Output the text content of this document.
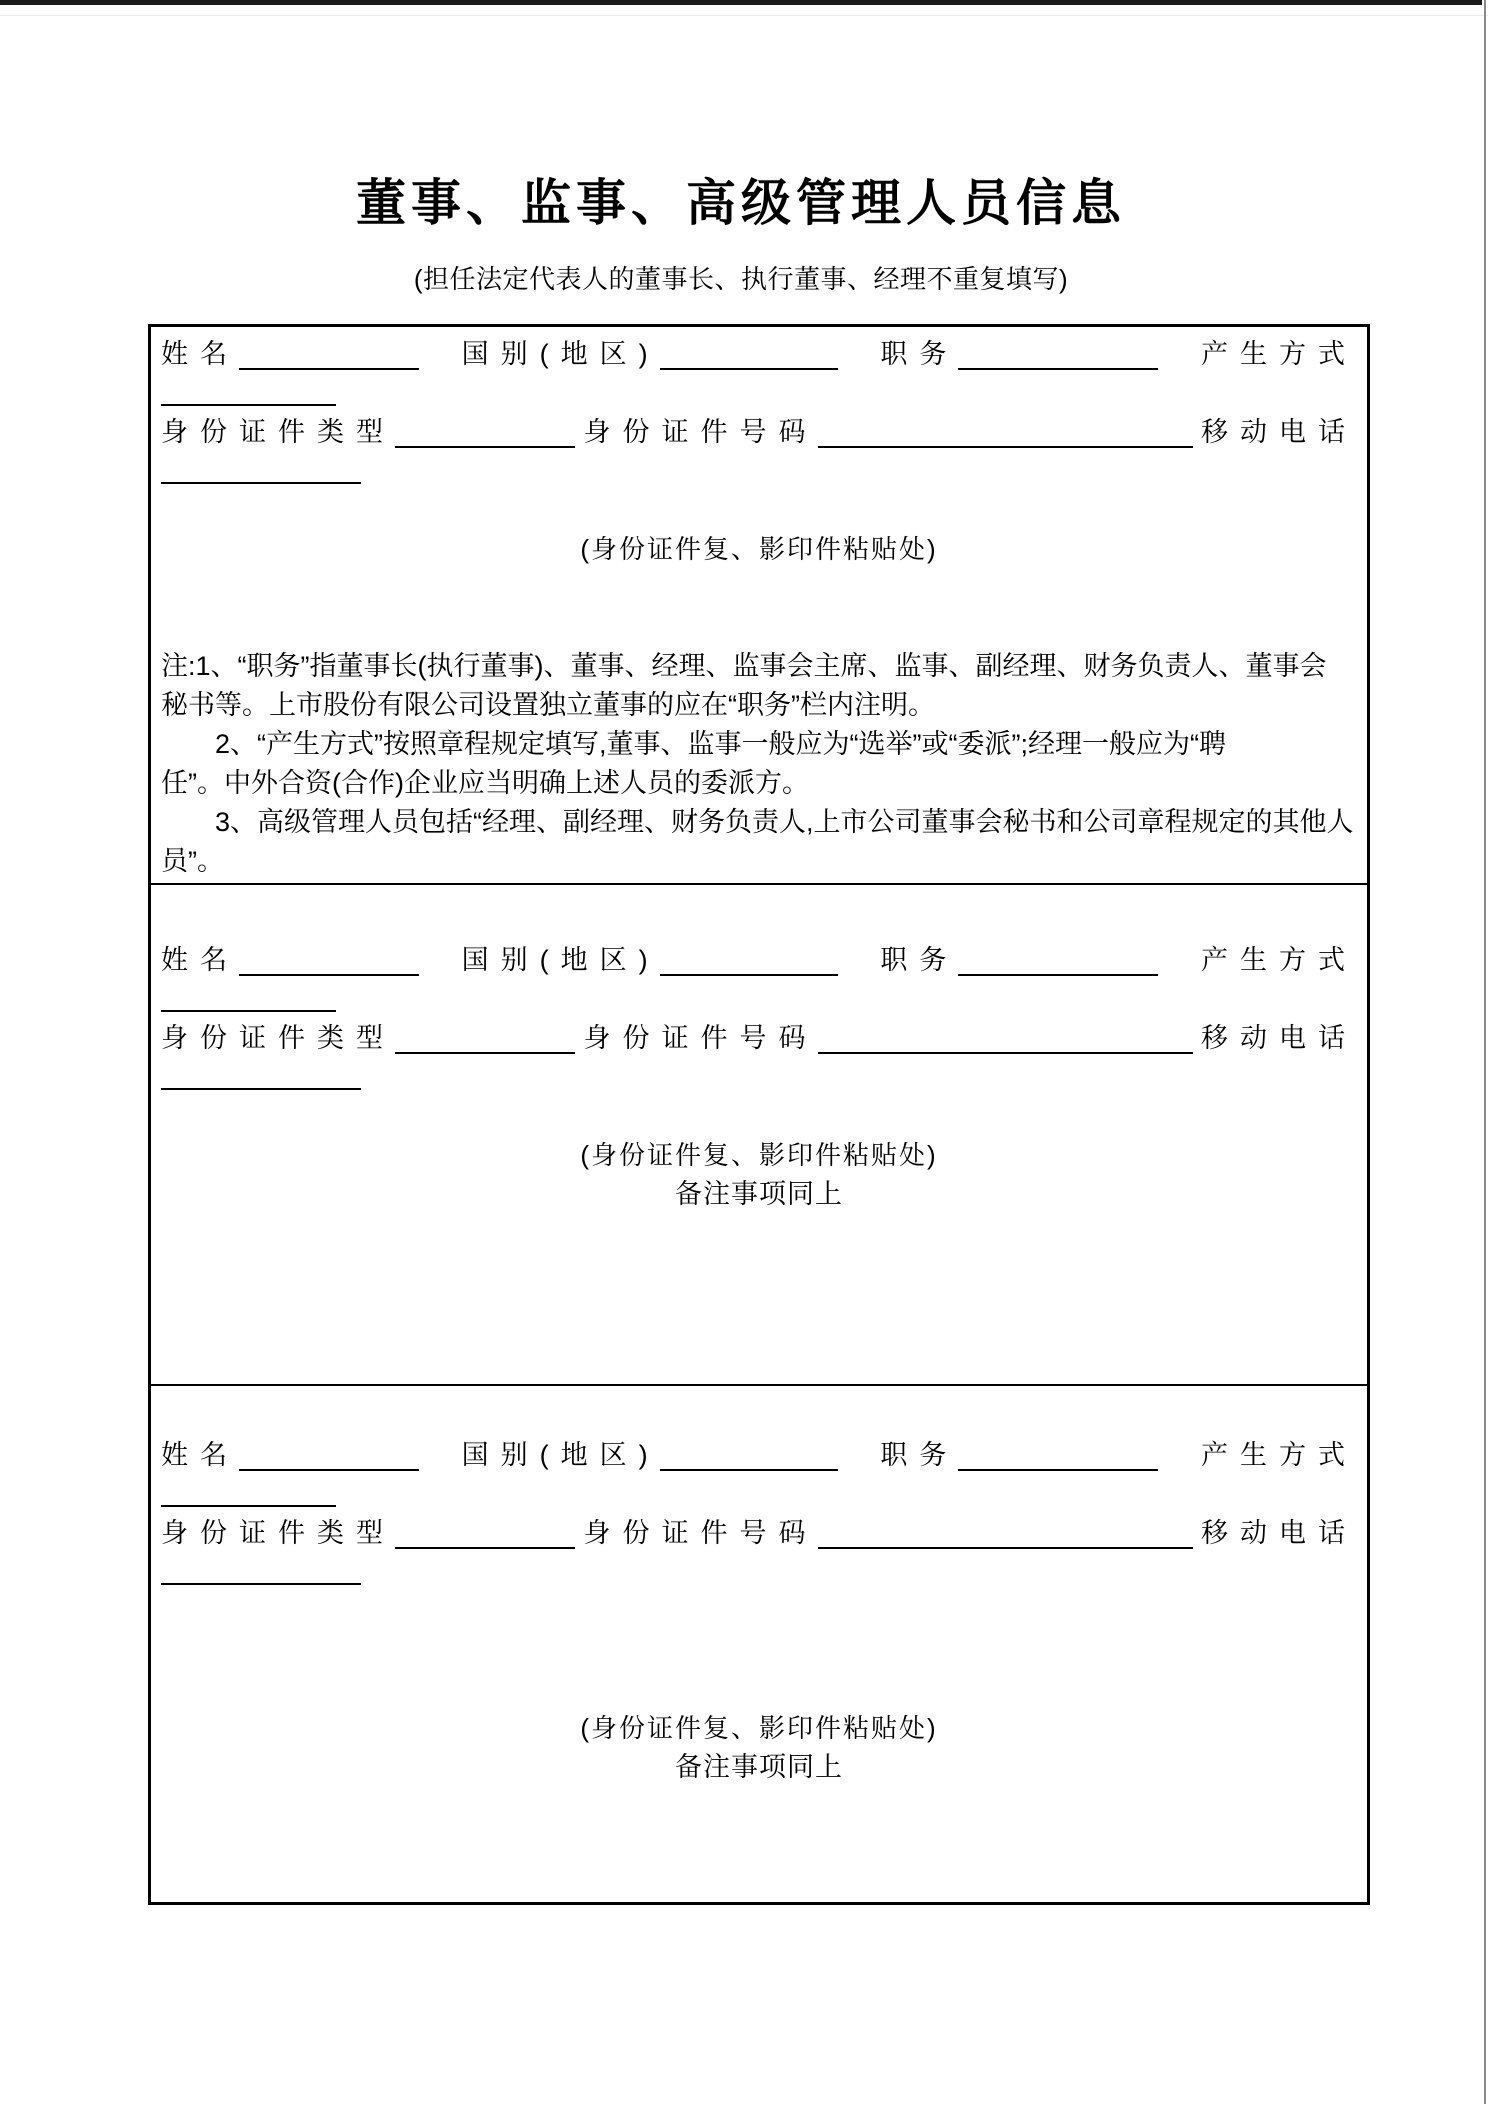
董事、监事、高级管理人员信息
(担任法定代表人的董事长、执行董事、经理不重复填写)
姓名	国别(地区)	职务	产生方式
身份证件类型	身份证件号码	移动电话
(身份证件复、影印件粘贴处)
注:1、“职务”指董事长(执行董事)、董事、经理、监事会主席、监事、副经理、财务负责人、董事会
秘书等。上市股份有限公司设置独立董事的应在“职务”栏内注明。
　　2、“产生方式”按照章程规定填写,董事、监事一般应为“选举”或“委派”;经理一般应为“聘
任”。中外合资(合作)企业应当明确上述人员的委派方。
　　3、高级管理人员包括“经理、副经理、财务负责人,上市公司董事会秘书和公司章程规定的其他人
员”。
姓名	国别(地区)	职务	产生方式
身份证件类型	身份证件号码	移动电话
(身份证件复、影印件粘贴处)
备注事项同上
姓名	国别(地区)	职务	产生方式
身份证件类型	身份证件号码	移动电话
(身份证件复、影印件粘贴处)
备注事项同上
